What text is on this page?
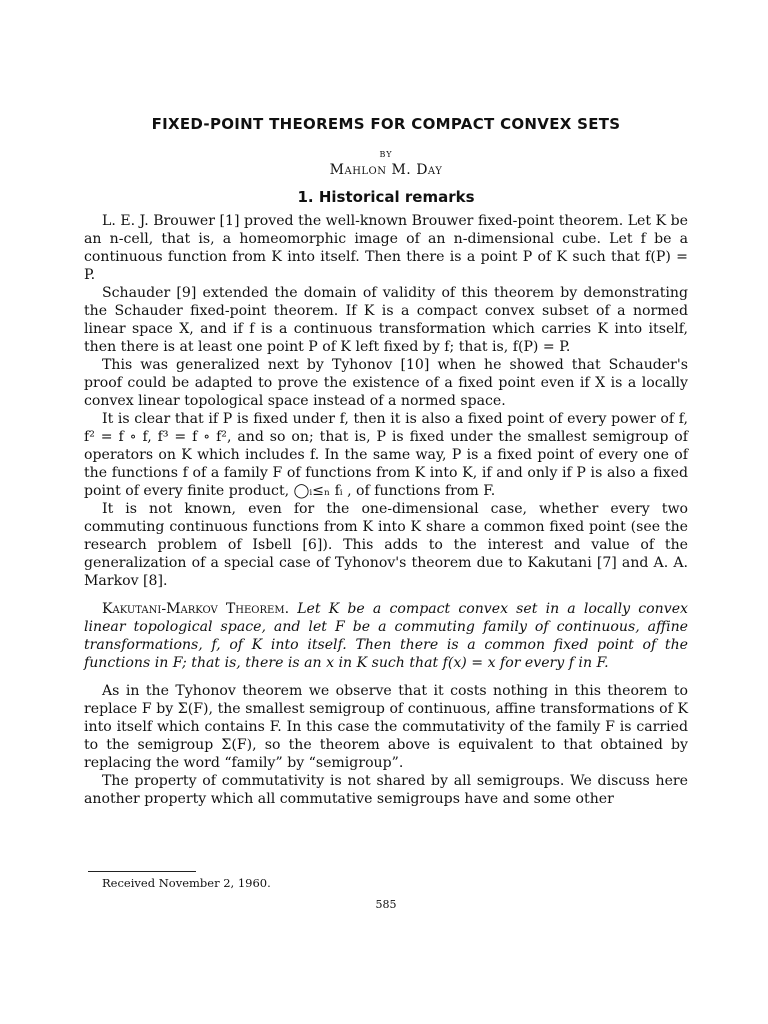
FIXED-POINT THEOREMS FOR COMPACT CONVEX SETS
BY
Mahlon M. Day
1. Historical remarks

L. E. J. Brouwer [1] proved the well-known Brouwer fixed-point theorem. Let K be an n-cell, that is, a homeomorphic image of an n-dimensional cube. Let f be a continuous function from K into itself. Then there is a point P of K such that f(P) = P.

Schauder [9] extended the domain of validity of this theorem by demonstrating the Schauder fixed-point theorem. If K is a compact convex subset of a normed linear space X, and if f is a continuous transformation which carries K into itself, then there is at least one point P of K left fixed by f; that is, f(P) = P.

This was generalized next by Tyhonov [10] when he showed that Schauder's proof could be adapted to prove the existence of a fixed point even if X is a locally convex linear topological space instead of a normed space.

It is clear that if P is fixed under f, then it is also a fixed point of every power of f, f² = f ∘ f, f³ = f ∘ f², and so on; that is, P is fixed under the smallest semigroup of operators on K which includes f. In the same way, P is a fixed point of every one of the functions f of a family F of functions from K into K, if and only if P is also a fixed point of every finite product, ◯ᵢ≤ₙ fᵢ , of functions from F.

It is not known, even for the one-dimensional case, whether every two commuting continuous functions from K into K share a common fixed point (see the research problem of Isbell [6]). This adds to the interest and value of the generalization of a special case of Tyhonov's theorem due to Kakutani [7] and A. A. Markov [8].

Kakutani-Markov Theorem. Let K be a compact convex set in a locally convex linear topological space, and let F be a commuting family of continuous, affine transformations, f, of K into itself. Then there is a common fixed point of the functions in F; that is, there is an x in K such that f(x) = x for every f in F.

As in the Tyhonov theorem we observe that it costs nothing in this theorem to replace F by Σ(F), the smallest semigroup of continuous, affine transformations of K into itself which contains F. In this case the commutativity of the family F is carried to the semigroup Σ(F), so the theorem above is equivalent to that obtained by replacing the word “family” by “semigroup”.

The property of commutativity is not shared by all semigroups. We discuss here another property which all commutative semigroups have and some other

Received November 2, 1960.
585
